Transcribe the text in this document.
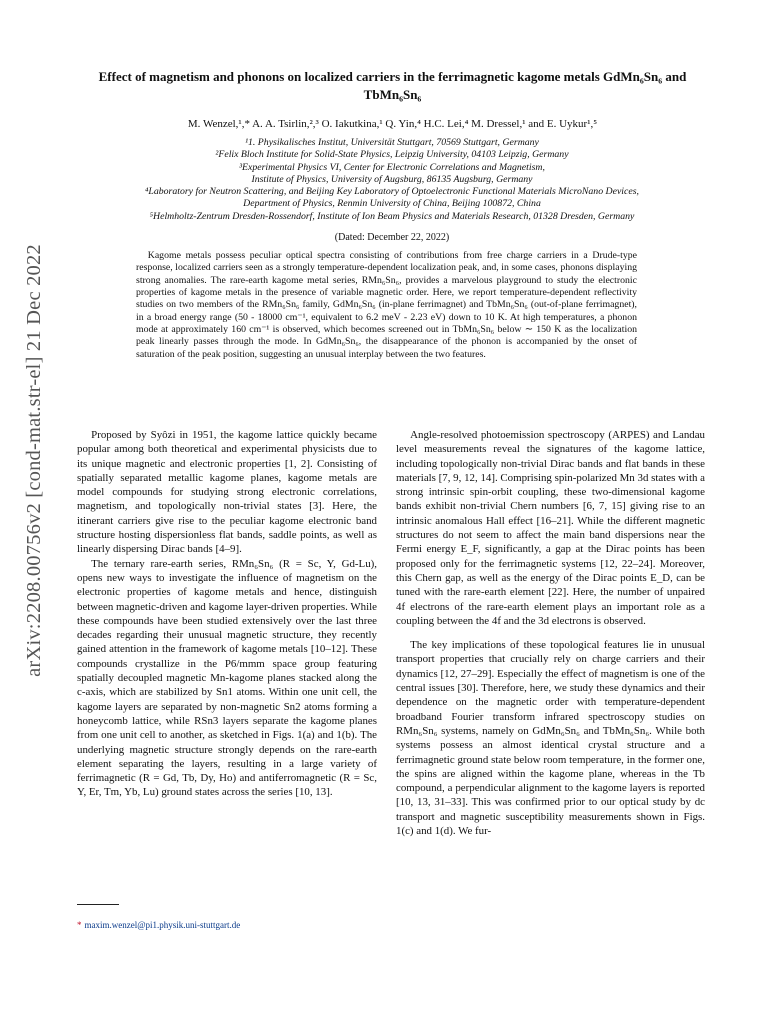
arXiv:2208.00756v2 [cond-mat.str-el] 21 Dec 2022
Effect of magnetism and phonons on localized carriers in the ferrimagnetic kagome metals GdMn₆Sn₆ and TbMn₆Sn₆
M. Wenzel,¹,* A. A. Tsirlin,²,³ O. Iakutkina,¹ Q. Yin,⁴ H.C. Lei,⁴ M. Dressel,¹ and E. Uykur¹,⁵
¹1. Physikalisches Institut, Universität Stuttgart, 70569 Stuttgart, Germany
²Felix Bloch Institute for Solid-State Physics, Leipzig University, 04103 Leipzig, Germany
³Experimental Physics VI, Center for Electronic Correlations and Magnetism,
Institute of Physics, University of Augsburg, 86135 Augsburg, Germany
⁴Laboratory for Neutron Scattering, and Beijing Key Laboratory of Optoelectronic Functional Materials MicroNano Devices,
Department of Physics, Renmin University of China, Beijing 100872, China
⁵Helmholtz-Zentrum Dresden-Rossendorf, Institute of Ion Beam Physics and Materials Research, 01328 Dresden, Germany
(Dated: December 22, 2022)
Kagome metals possess peculiar optical spectra consisting of contributions from free charge carriers in a Drude-type response, localized carriers seen as a strongly temperature-dependent localization peak, and, in some cases, phonons displaying strong anomalies. The rare-earth kagome metal series, RMn₆Sn₆, provides a marvelous playground to study the electronic properties of kagome metals in the presence of variable magnetic order. Here, we report temperature-dependent reflectivity studies on two members of the RMn₆Sn₆ family, GdMn₆Sn₆ (in-plane ferrimagnet) and TbMn₆Sn₆ (out-of-plane ferrimagnet), in a broad energy range (50 - 18000 cm⁻¹, equivalent to 6.2 meV - 2.23 eV) down to 10 K. At high temperatures, a phonon mode at approximately 160 cm⁻¹ is observed, which becomes screened out in TbMn₆Sn₆ below ∼ 150 K as the localization peak linearly passes through the mode. In GdMn₆Sn₆, the disappearance of the phonon is accompanied by the onset of saturation of the peak position, suggesting an unusual interplay between the two features.

Proposed by Syôzi in 1951, the kagome lattice quickly became popular among both theoretical and experimental physicists due to its unique magnetic and electronic properties [1, 2]. Consisting of spatially separated metallic kagome planes, kagome metals are model compounds for studying strong electronic correlations, magnetism, and topologically non-trivial states [3]. Here, the itinerant carriers give rise to the peculiar kagome electronic band structure hosting dispersionless flat bands, saddle points, as well as linearly dispersing Dirac bands [4–9].

The ternary rare-earth series, RMn₆Sn₆ (R = Sc, Y, Gd-Lu), opens new ways to investigate the influence of magnetism on the electronic properties of kagome metals and hence, distinguish between magnetic-driven and kagome layer-driven properties. While these compounds have been studied extensively over the last three decades regarding their unusual magnetic structure, they recently gained attention in the framework of kagome metals [10–12]. These compounds crystallize in the P6/mmm space group featuring spatially decoupled magnetic Mn-kagome planes stacked along the c-axis, which are stabilized by Sn1 atoms. Within one unit cell, the kagome layers are separated by non-magnetic Sn2 atoms forming a honeycomb lattice, while RSn3 layers separate the kagome planes from one unit cell to another, as sketched in Figs. 1(a) and 1(b). The underlying magnetic structure strongly depends on the rare-earth element separating the layers, resulting in a large variety of ferrimagnetic (R = Gd, Tb, Dy, Ho) and antiferromagnetic (R = Sc, Y, Er, Tm, Yb, Lu) ground states across the series [10, 13].

Angle-resolved photoemission spectroscopy (ARPES) and Landau level measurements reveal the signatures of the kagome lattice, including topologically non-trivial Dirac bands and flat bands in these materials [7, 9, 12, 14]. Comprising spin-polarized Mn 3d states with a strong intrinsic spin-orbit coupling, these two-dimensional kagome bands exhibit non-trivial Chern numbers [6, 7, 15] giving rise to an intrinsic anomalous Hall effect [16–21]. While the different magnetic structures do not seem to affect the main band dispersions near the Fermi energy E_F, significantly, a gap at the Dirac points has been proposed only for the ferrimagnetic systems [12, 22–24]. Moreover, this Chern gap, as well as the energy of the Dirac points E_D, can be tuned with the rare-earth element [22]. Here, the number of unpaired 4f electrons of the rare-earth element plays an important role as a coupling between the 4f and the 3d electrons is observed.

The key implications of these topological features lie in unusual transport properties that crucially rely on charge carriers and their dynamics [12, 27–29]. Especially the effect of magnetism is one of the central issues [30]. Therefore, here, we study these dynamics and their dependence on the magnetic order with temperature-dependent broadband Fourier transform infrared spectroscopy studies on RMn₆Sn₆ systems, namely on GdMn₆Sn₆ and TbMn₆Sn₆. While both systems possess an almost identical crystal structure and a ferrimagnetic ground state below room temperature, in the former one, the spins are aligned within the kagome plane, whereas in the Tb compound, a perpendicular alignment to the kagome layers is reported [10, 13, 31–33]. This was confirmed prior to our optical study by dc transport and magnetic susceptibility measurements shown in Figs. 1(c) and 1(d). We fur-

* maxim.wenzel@pi1.physik.uni-stuttgart.de
